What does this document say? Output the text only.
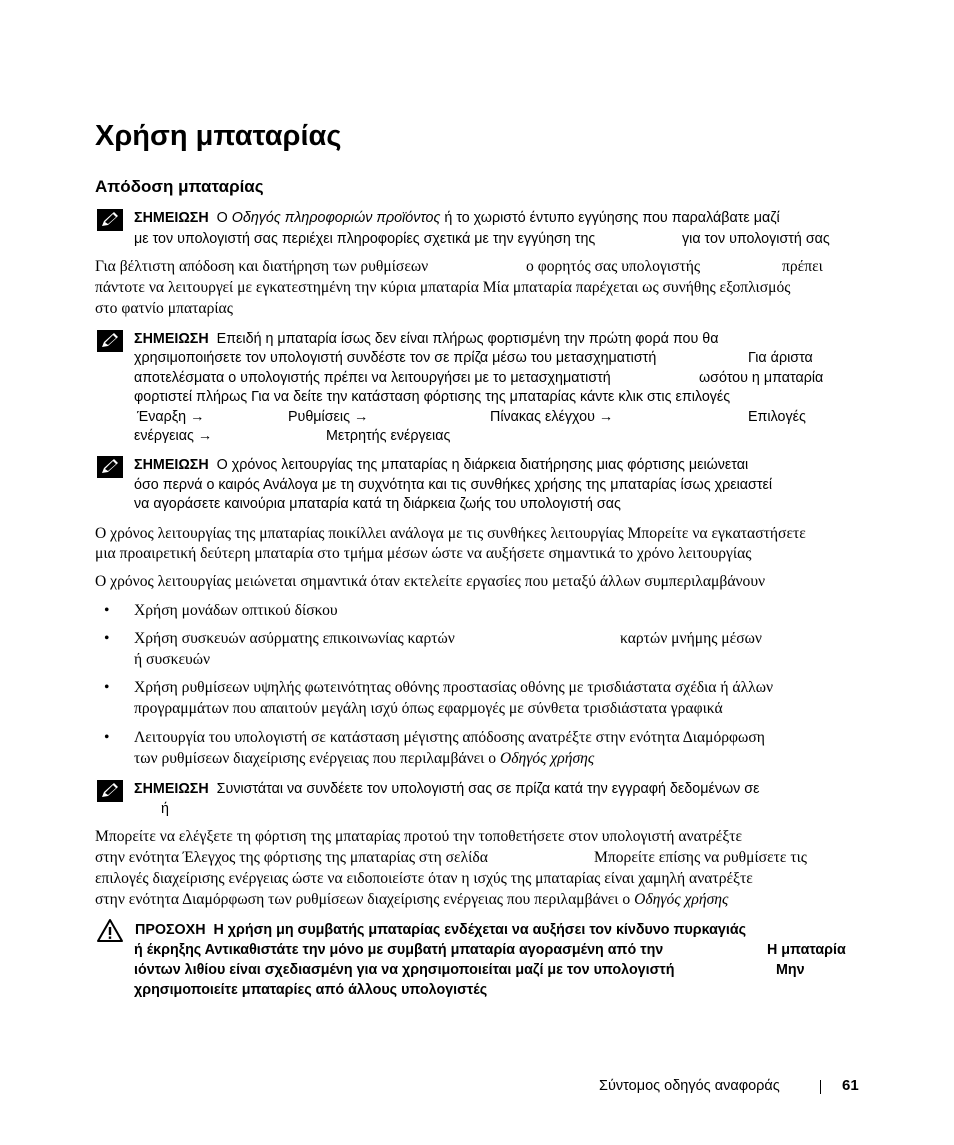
Χρήση μπαταρίας
Απόδοση μπαταρίας
ΣΗΜΕΙΩΣΗ Ο Οδηγός πληροφοριών προϊόντος ή το χωριστό έντυπο εγγύησης που παραλάβατε μαζί
με τον υπολογιστή σας περιέχει πληροφορίες σχετικά με την εγγύηση της	για τον υπολογιστή σας
Για βέλτιστη απόδοση και διατήρηση των ρυθμίσεων	ο φορητός σας υπολογιστής	πρέπει
πάντοτε να λειτουργεί με εγκατεστημένη την κύρια μπαταρία Μία μπαταρία παρέχεται ως συνήθης εξοπλισμός
στο φατνίο μπαταρίας
ΣΗΜΕΙΩΣΗ Επειδή η μπαταρία ίσως δεν είναι πλήρως φορτισμένη την πρώτη φορά που θα
χρησιμοποιήσετε τον υπολογιστή συνδέστε τον σε πρίζα μέσω του μετασχηματιστή	Για άριστα
αποτελέσματα ο υπολογιστής πρέπει να λειτουργήσει με το μετασχηματιστή	ωσότου η μπαταρία
φορτιστεί πλήρως Για να δείτε την κατάσταση φόρτισης της μπαταρίας κάντε κλικ στις επιλογές
Έναρξη →	Ρυθμίσεις →	Πίνακας ελέγχου →	Επιλογές
ενέργειας →	Μετρητής ενέργειας
ΣΗΜΕΙΩΣΗ Ο χρόνος λειτουργίας της μπαταρίας η διάρκεια διατήρησης μιας φόρτισης μειώνεται
όσο περνά ο καιρός Ανάλογα με τη συχνότητα και τις συνθήκες χρήσης της μπαταρίας ίσως χρειαστεί
να αγοράσετε καινούρια μπαταρία κατά τη διάρκεια ζωής του υπολογιστή σας
Ο χρόνος λειτουργίας της μπαταρίας ποικίλλει ανάλογα με τις συνθήκες λειτουργίας Μπορείτε να εγκαταστήσετε
μια προαιρετική δεύτερη μπαταρία στο τμήμα μέσων ώστε να αυξήσετε σημαντικά το χρόνο λειτουργίας
Ο χρόνος λειτουργίας μειώνεται σημαντικά όταν εκτελείτε εργασίες που μεταξύ άλλων συμπεριλαμβάνουν
• Χρήση μονάδων οπτικού δίσκου
• Χρήση συσκευών ασύρματης επικοινωνίας καρτών	καρτών μνήμης μέσων
ή συσκευών
• Χρήση ρυθμίσεων υψηλής φωτεινότητας οθόνης προστασίας οθόνης με τρισδιάστατα σχέδια ή άλλων
προγραμμάτων που απαιτούν μεγάλη ισχύ όπως εφαρμογές με σύνθετα τρισδιάστατα γραφικά
• Λειτουργία του υπολογιστή σε κατάσταση μέγιστης απόδοσης ανατρέξτε στην ενότητα Διαμόρφωση
των ρυθμίσεων διαχείρισης ενέργειας που περιλαμβάνει ο Οδηγός χρήσης
ΣΗΜΕΙΩΣΗ Συνιστάται να συνδέετε τον υπολογιστή σας σε πρίζα κατά την εγγραφή δεδομένων σε
ή
Μπορείτε να ελέγξετε τη φόρτιση της μπαταρίας προτού την τοποθετήσετε στον υπολογιστή ανατρέξτε
στην ενότητα Έλεγχος της φόρτισης της μπαταρίας στη σελίδα	Μπορείτε επίσης να ρυθμίσετε τις
επιλογές διαχείρισης ενέργειας ώστε να ειδοποιείστε όταν η ισχύς της μπαταρίας είναι χαμηλή ανατρέξτε
στην ενότητα Διαμόρφωση των ρυθμίσεων διαχείρισης ενέργειας που περιλαμβάνει ο Οδηγός χρήσης
ΠΡΟΣΟΧΗ Η χρήση μη συμβατής μπαταρίας ενδέχεται να αυξήσει τον κίνδυνο πυρκαγιάς
ή έκρηξης Αντικαθιστάτε την μόνο με συμβατή μπαταρία αγορασμένη από την	Η μπαταρία
ιόντων λιθίου είναι σχεδιασμένη για να χρησιμοποιείται μαζί με τον υπολογιστή	Μην
χρησιμοποιείτε μπαταρίες από άλλους υπολογιστές
Σύντομος οδηγός αναφοράς	61
